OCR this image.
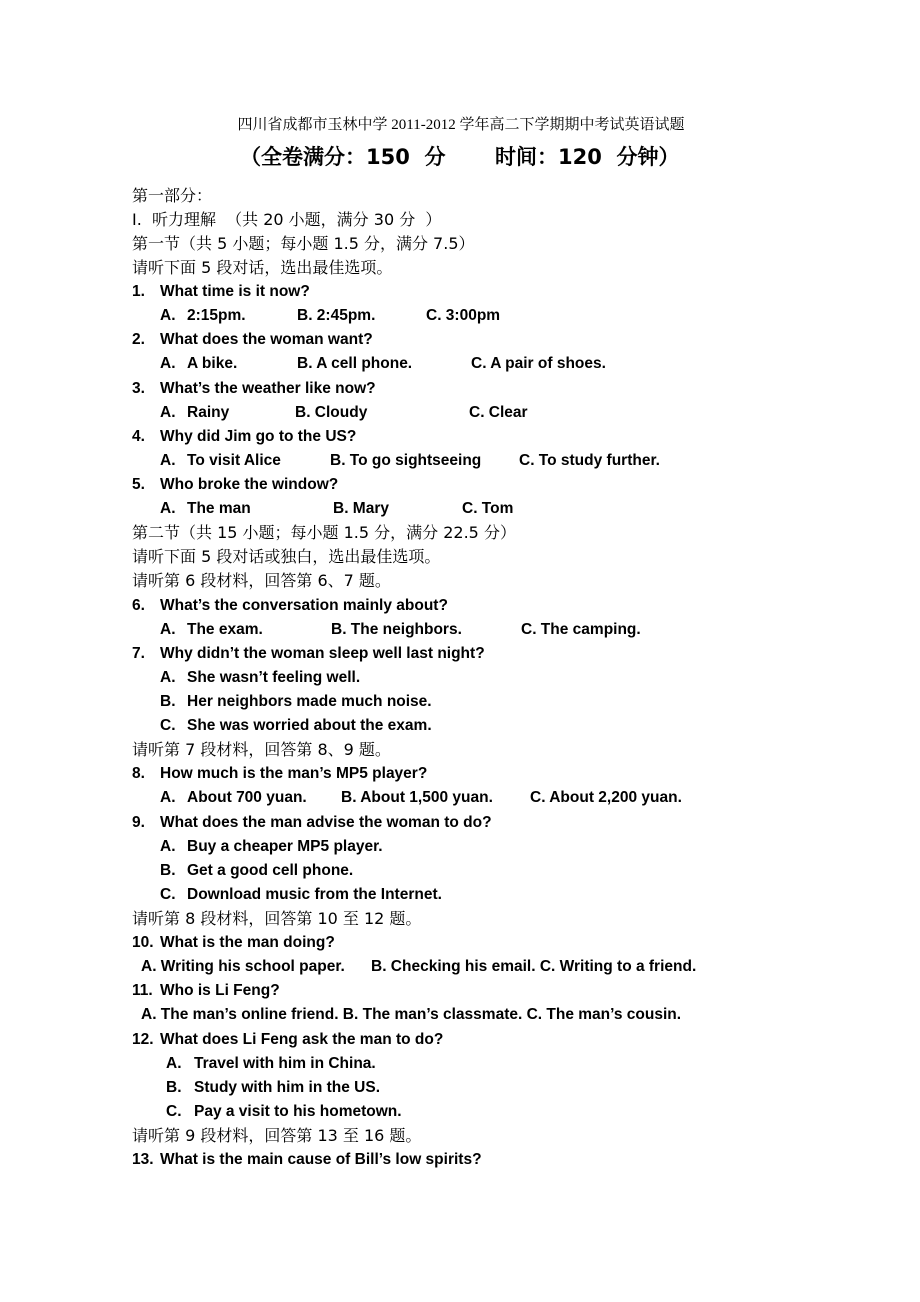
四川省成都市玉林中学 2011-2012 学年高二下学期期中考试英语试题
（全卷满分：150  分 时间：120  分钟）
第一部分：
I.  听力理解  （共 20 小题，满分 30 分  ）
第一节（共 5 小题；每小题 1.5 分，满分 7.5）
请听下面 5 段对话，选出最佳选项。
1. What time is it now?
A. 2:15pm.	B. 2:45pm.	C. 3:00pm
2. What does the woman want?
A. A bike.	B. A cell phone.	C. A pair of shoes.
3. What’s the weather like now?
A. Rainy	B. Cloudy	C. Clear
4. Why did Jim go to the US?
A. To visit Alice	B. To go sightseeing C. To study further.
5. Who broke the window?
A. The man	B. Mary	C. Tom
第二节（共 15 小题；每小题 1.5 分，满分 22.5 分）
请听下面 5 段对话或独白，选出最佳选项。
请听第 6 段材料，回答第 6、7 题。
6. What’s the conversation mainly about?
A. The exam.	B. The neighbors.	C. The camping.
7. Why didn’t the woman sleep well last night?
A. She wasn’t feeling well.
B. Her neighbors made much noise.
C. She was worried about the exam.
请听第 7 段材料，回答第 8、9 题。
8. How much is the man’s MP5 player?
A. About 700 yuan. B. About 1,500 yuan. C. About 2,200 yuan.
9. What does the man advise the woman to do?
A. Buy a cheaper MP5 player.
B. Get a good cell phone.
C. Download music from the Internet.
请听第 8 段材料，回答第 10 至 12 题。
10. What is the man doing?
A. Writing his school paper. B. Checking his email. C. Writing to a friend.
11. Who is Li Feng?
A. The man’s online friend. B. The man’s classmate. C. The man’s cousin.
12. What does Li Feng ask the man to do?
A. Travel with him in China.
B. Study with him in the US.
C. Pay a visit to his hometown.
请听第 9 段材料，回答第 13 至 16 题。
13. What is the main cause of Bill’s low spirits?
